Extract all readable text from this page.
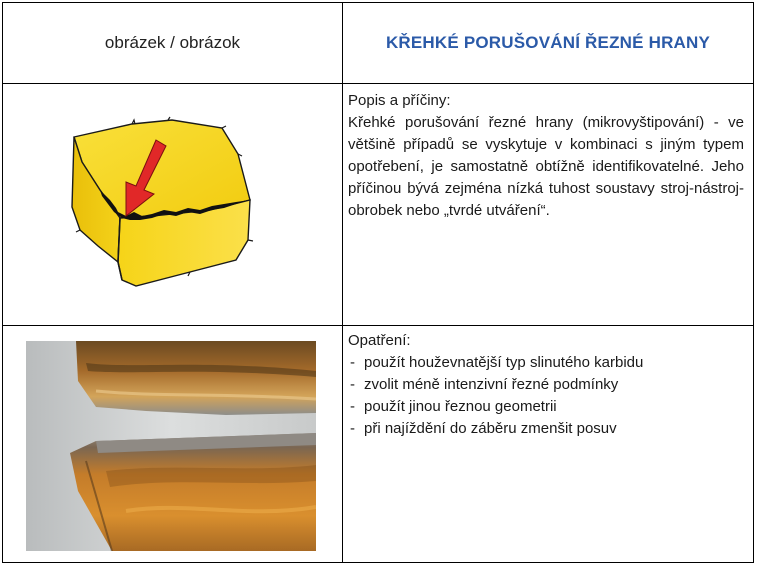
obrázek / obrázok	KŘEHKÉ PORUŠOVÁNÍ ŘEZNÉ HRANY
Popis a příčiny:
Křehké porušování řezné hrany (mikrovyštipování) - ve většině případů se vyskytuje v kombinaci s jiným typem opotřebení, je samostatně obtížně identifikovatelné. Jeho příčinou bývá zejména nízká tuhost soustavy stroj-nástroj-obrobek nebo „tvrdé utváření“.
Opatření:
- použít houževnatější typ slinutého karbidu
- zvolit méně intenzivní řezné podmínky
- použít jinou řeznou geometrii
- při najíždění do záběru zmenšit posuv
